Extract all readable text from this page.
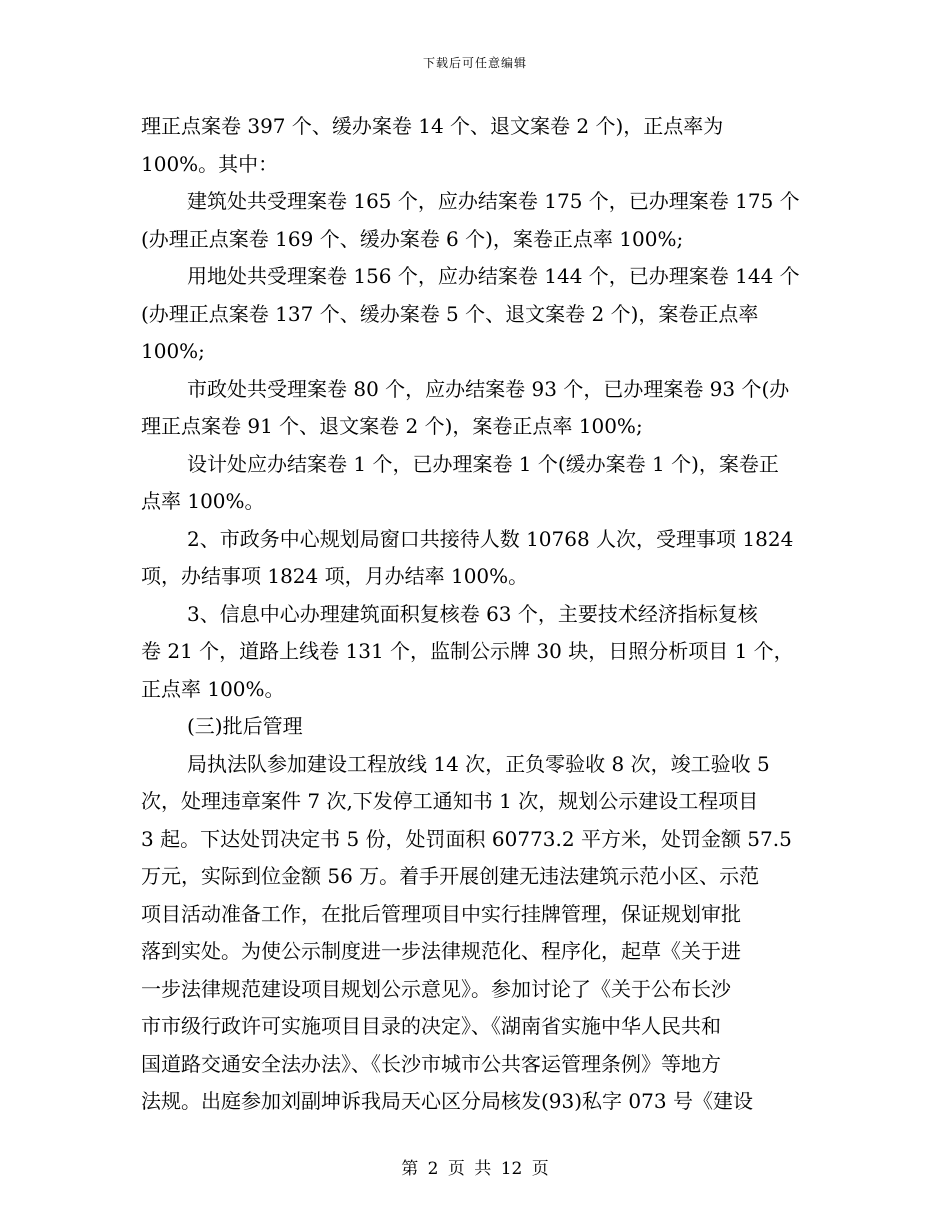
下载后可任意编辑
理正点案卷 397 个、缓办案卷 14 个、退文案卷 2 个)，正点率为
100%。其中：
建筑处共受理案卷 165 个，应办结案卷 175 个，已办理案卷 175 个
(办理正点案卷 169 个、缓办案卷 6 个)，案卷正点率 100%;
用地处共受理案卷 156 个，应办结案卷 144 个，已办理案卷 144 个
(办理正点案卷 137 个、缓办案卷 5 个、退文案卷 2 个)，案卷正点率
100%;
市政处共受理案卷 80 个，应办结案卷 93 个，已办理案卷 93 个(办
理正点案卷 91 个、退文案卷 2 个)，案卷正点率 100%;
设计处应办结案卷 1 个，已办理案卷 1 个(缓办案卷 1 个)，案卷正
点率 100%。
2、市政务中心规划局窗口共接待人数 10768 人次，受理事项 1824
项，办结事项 1824 项，月办结率 100%。
3、信息中心办理建筑面积复核卷 63 个，主要技术经济指标复核
卷 21 个，道路上线卷 131 个，监制公示牌 30 块，日照分析项目 1 个，
正点率 100%。
(三)批后管理
局执法队参加建设工程放线 14 次，正负零验收 8 次，竣工验收 5
次，处理违章案件 7 次,下发停工通知书 1 次，规划公示建设工程项目
3 起。下达处罚决定书 5 份，处罚面积 60773.2 平方米，处罚金额 57.5
万元，实际到位金额 56 万。着手开展创建无违法建筑示范小区、示范
项目活动准备工作，在批后管理项目中实行挂牌管理，保证规划审批
落到实处。为使公示制度进一步法律规范化、程序化，起草《关于进
一步法律规范建设项目规划公示意见》。参加讨论了《关于公布长沙
市市级行政许可实施项目目录的决定》、《湖南省实施中华人民共和
国道路交通安全法办法》、《长沙市城市公共客运管理条例》等地方
法规。出庭参加刘副坤诉我局天心区分局核发(93)私字 073 号《建设
第 2 页 共 12 页
